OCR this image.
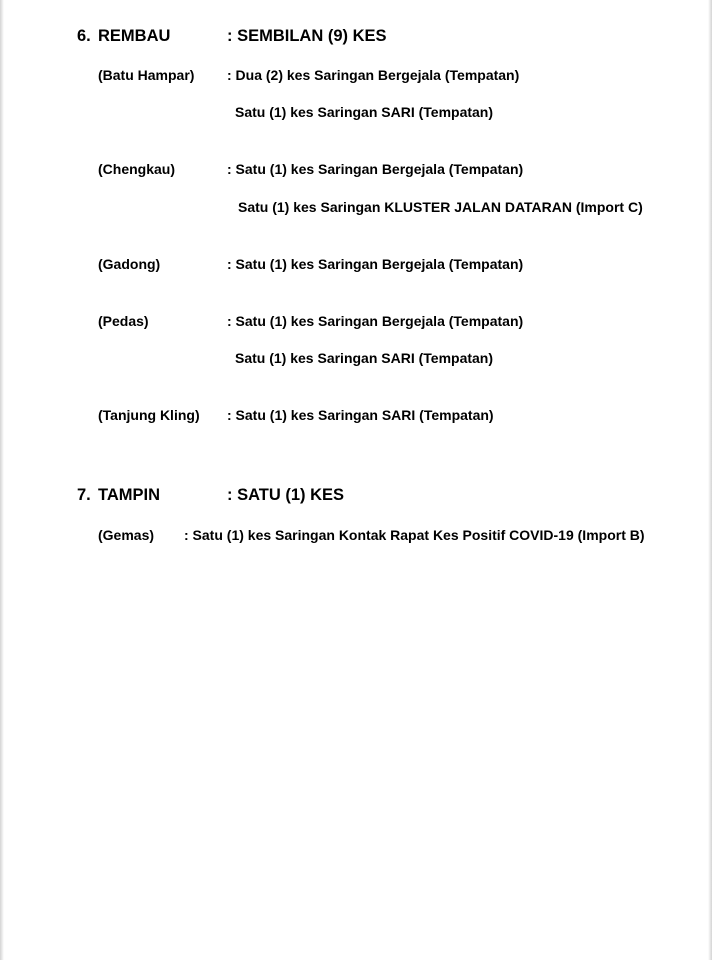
6. REMBAU	: SEMBILAN (9) KES
(Batu Hampar) : Dua (2) kes Saringan Bergejala (Tempatan)
Satu (1) kes Saringan SARI (Tempatan)
(Chengkau)	: Satu (1) kes Saringan Bergejala (Tempatan)
Satu (1) kes Saringan KLUSTER JALAN DATARAN (Import C)
(Gadong)	: Satu (1) kes Saringan Bergejala (Tempatan)
(Pedas)	: Satu (1) kes Saringan Bergejala (Tempatan)
Satu (1) kes Saringan SARI (Tempatan)
(Tanjung Kling) : Satu (1) kes Saringan SARI (Tempatan)
7. TAMPIN	: SATU (1) KES
(Gemas) : Satu (1) kes Saringan Kontak Rapat Kes Positif COVID-19 (Import B)
